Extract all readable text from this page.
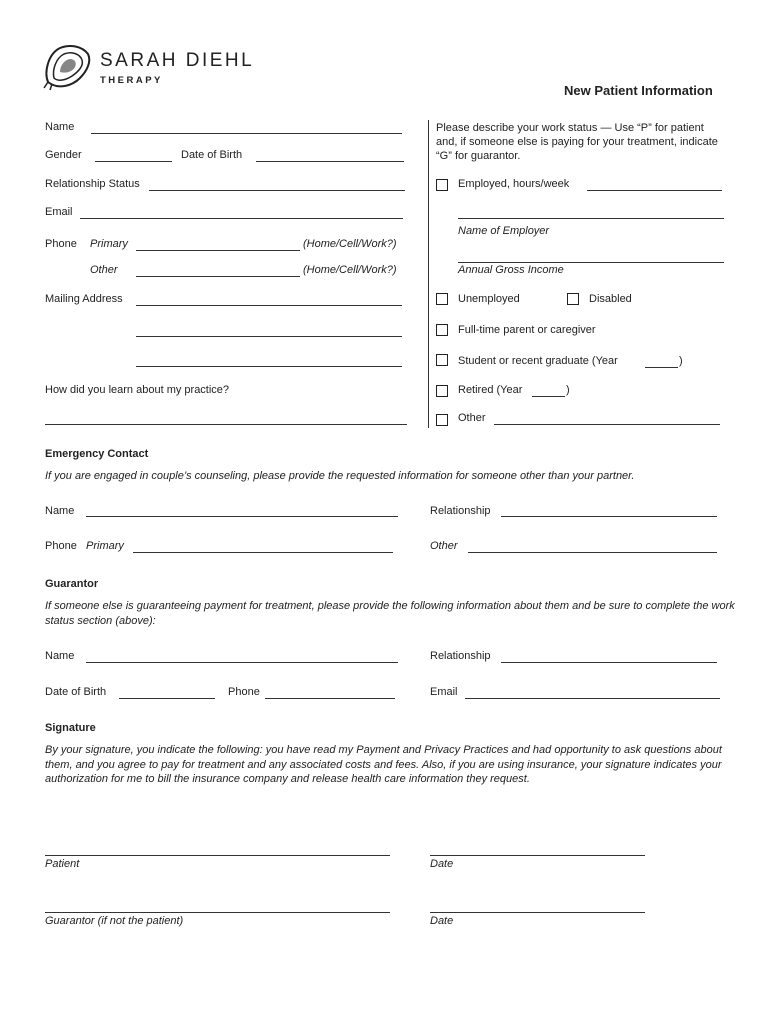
SARAH DIEHL
THERAPY
New Patient Information
Name
Gender	Date of Birth
Relationship Status
Email
Phone Primary	(Home/Cell/Work?)
Other	(Home/Cell/Work?)
Mailing Address
How did you learn about my practice?
Please describe your work status — Use “P” for patient and, if someone else is paying for your treatment, indicate “G” for guarantor.
Employed, hours/week
Name of Employer
Annual Gross Income
Unemployed	Disabled
Full-time parent or caregiver
Student or recent graduate (Year	)
Retired (Year	)
Other
Emergency Contact
If you are engaged in couple’s counseling, please provide the requested information for someone other than your partner.
Name	Relationship
Phone Primary	Other
Guarantor
If someone else is guaranteeing payment for treatment, please provide the following information about them and be sure to complete the work status section (above):
Name	Relationship
Date of Birth	Phone	Email
Signature
By your signature, you indicate the following: you have read my Payment and Privacy Practices and had opportunity to ask questions about them, and you agree to pay for treatment and any associated costs and fees. Also, if you are using insurance, your signature indicates your authorization for me to bill the insurance company and release health care information they request.
Patient	Date
Guarantor (if not the patient)	Date
